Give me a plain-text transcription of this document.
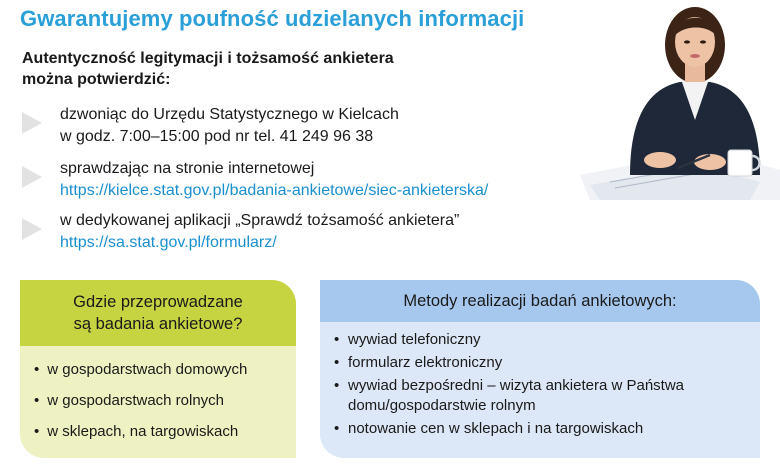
Gwarantujemy poufność udzielanych informacji
Autentyczność legitymacji i tożsamość ankietera
można potwierdzić:
dzwoniąc do Urzędu Statystycznego w Kielcach
w godz. 7:00–15:00 pod nr tel. 41 249 96 38
sprawdzając na stronie internetowej
https://kielce.stat.gov.pl/badania-ankietowe/siec-ankieterska/
w dedykowanej aplikacji „Sprawdź tożsamość ankietera”
https://sa.stat.gov.pl/formularz/
Gdzie przeprowadzane
są badania ankietowe?
• w gospodarstwach domowych
• w gospodarstwach rolnych
• w sklepach, na targowiskach
Metody realizacji badań ankietowych:
• wywiad telefoniczny
• formularz elektroniczny
• wywiad bezpośredni – wizyta ankietera w Państwa domu/gospodarstwie rolnym
• notowanie cen w sklepach i na targowiskach
